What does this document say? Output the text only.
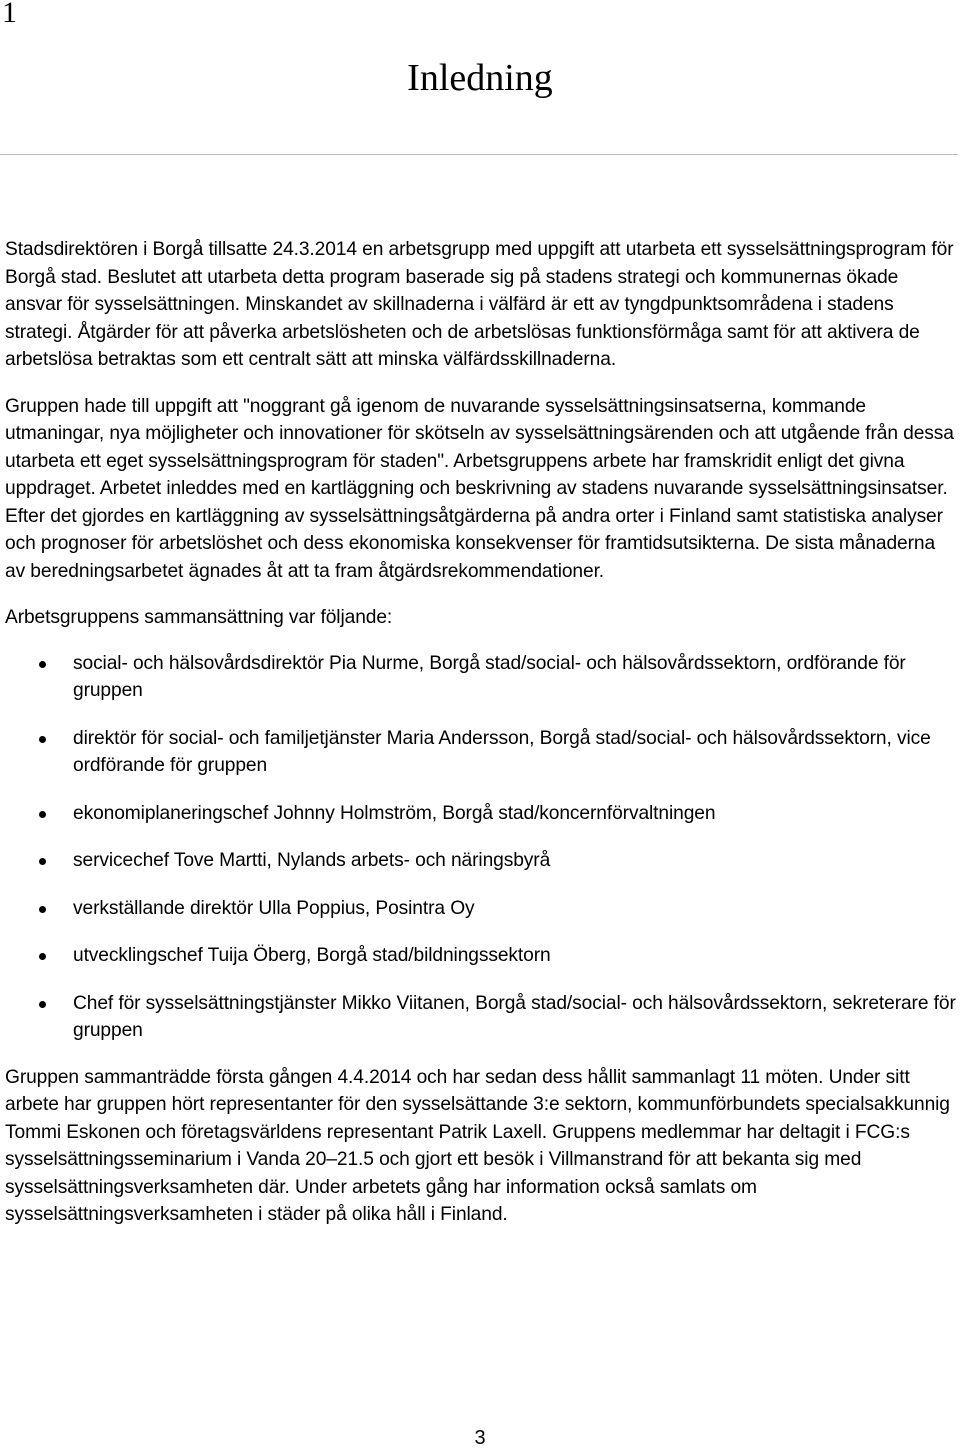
1
Inledning

Stadsdirektören i Borgå tillsatte 24.3.2014 en arbetsgrupp med uppgift att utarbeta ett sysselsättningsprogram för Borgå stad. Beslutet att utarbeta detta program baserade sig på stadens strategi och kommunernas ökade ansvar för sysselsättningen. Minskandet av skillnaderna i välfärd är ett av tyngdpunktsområdena i stadens strategi. Åtgärder för att påverka arbetslösheten och de arbetslösas funktionsförmåga samt för att aktivera de arbetslösa betraktas som ett centralt sätt att minska välfärdsskillnaderna.

Gruppen hade till uppgift att "noggrant gå igenom de nuvarande sysselsättningsinsatserna, kommande utmaningar, nya möjligheter och innovationer för skötseln av sysselsättningsärenden och att utgående från dessa utarbeta ett eget sysselsättningsprogram för staden". Arbetsgruppens arbete har framskridit enligt det givna uppdraget. Arbetet inleddes med en kartläggning och beskrivning av stadens nuvarande sysselsättningsinsatser. Efter det gjordes en kartläggning av sysselsättningsåtgärderna på andra orter i Finland samt statistiska analyser och prognoser för arbetslöshet och dess ekonomiska konsekvenser för framtidsutsikterna. De sista månaderna av beredningsarbetet ägnades åt att ta fram åtgärdsrekommendationer.

Arbetsgruppens sammansättning var följande:

social- och hälsovårdsdirektör Pia Nurme, Borgå stad/social- och hälsovårdssektorn, ordförande för gruppen
direktör för social- och familjetjänster Maria Andersson, Borgå stad/social- och hälsovårdssektorn, vice ordförande för gruppen
ekonomiplaneringschef Johnny Holmström, Borgå stad/koncernförvaltningen
servicechef Tove Martti, Nylands arbets- och näringsbyrå
verkställande direktör Ulla Poppius, Posintra Oy
utvecklingschef Tuija Öberg, Borgå stad/bildningssektorn
Chef för sysselsättningstjänster Mikko Viitanen, Borgå stad/social- och hälsovårdssektorn, sekreterare för gruppen

Gruppen sammanträdde första gången 4.4.2014 och har sedan dess hållit sammanlagt 11 möten. Under sitt arbete har gruppen hört representanter för den sysselsättande 3:e sektorn, kommunförbundets specialsakkunnig Tommi Eskonen och företagsvärldens representant Patrik Laxell. Gruppens medlemmar har deltagit i FCG:s sysselsättningsseminarium i Vanda 20–21.5 och gjort ett besök i Villmanstrand för att bekanta sig med sysselsättningsverksamheten där. Under arbetets gång har information också samlats om sysselsättningsverksamheten i städer på olika håll i Finland.

3
